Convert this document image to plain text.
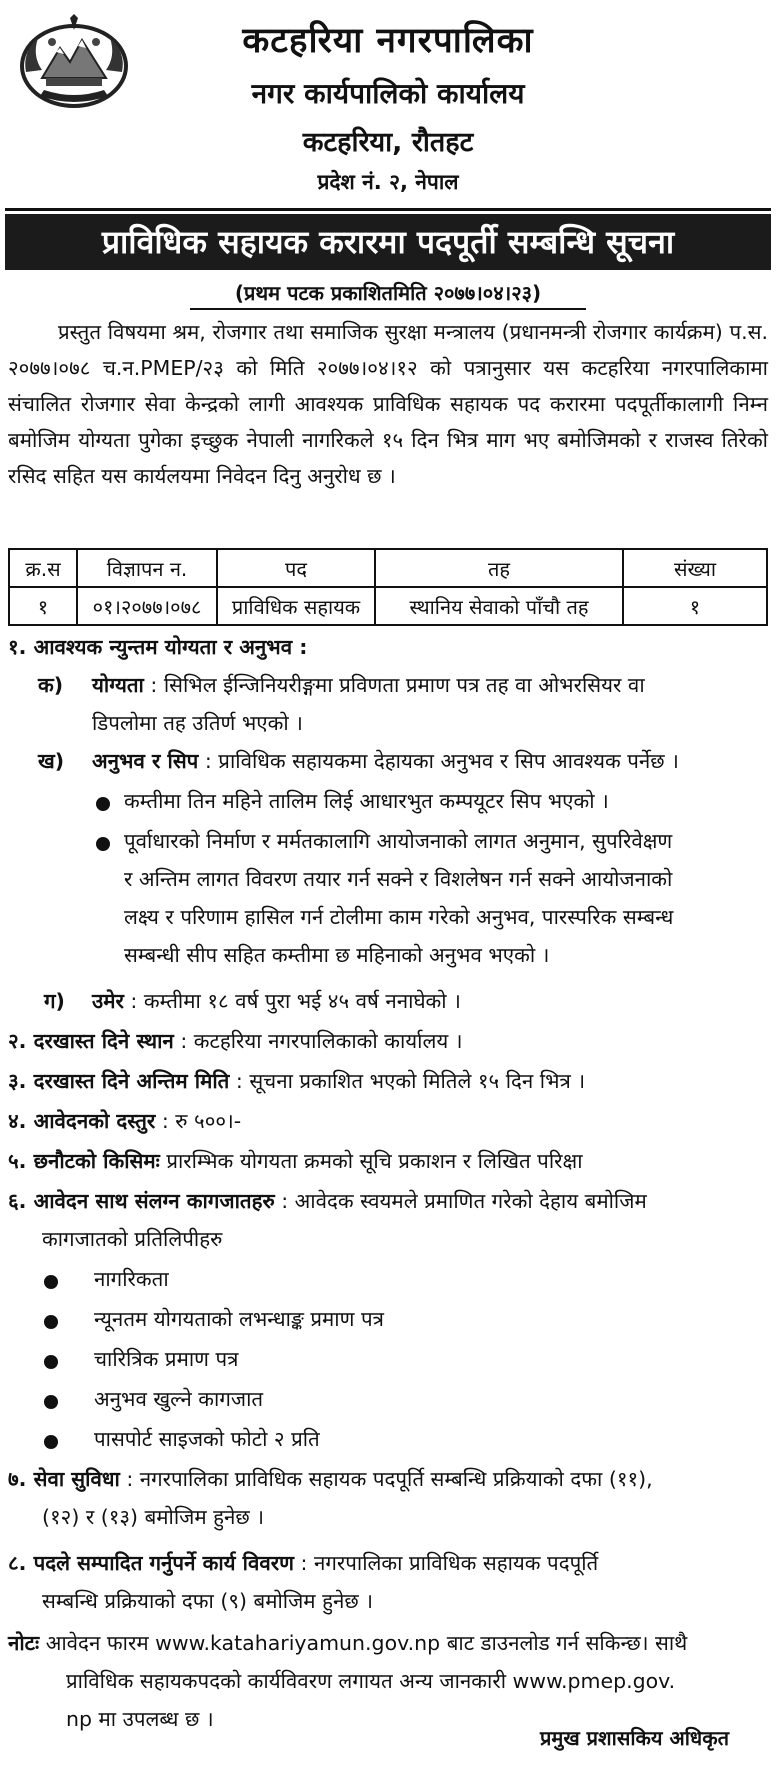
कटहरिया नगरपालिका
नगर कार्यपालिको कार्यालय
कटहरिया, रौतहट
प्रदेश नं. २, नेपाल
प्राविधिक सहायक करारमा पदपूर्ती सम्बन्धि सूचना
(प्रथम पटक प्रकाशितमिति २०७७।०४।२३)
प्रस्तुत विषयमा श्रम, रोजगार तथा समाजिक सुरक्षा मन्त्रालय (प्रधानमन्त्री रोजगार कार्यक्रम) प.स. २०७७।०७८ च.न.PMEP/२३ को मिति २०७७।०४।१२ को पत्रानुसार यस कटहरिया नगरपालिकामा संचालित रोजगार सेवा केन्द्रको लागी आवश्यक प्राविधिक सहायक पद करारमा पदपूर्तीकालागी निम्न बमोजिम योग्यता पुगेका इच्छुक नेपाली नागरिकले १५ दिन भित्र माग भए बमोजिमको र राजस्व तिरेको रसिद सहित यस कार्यलयमा निवेदन दिनु अनुरोध छ ।
क्र.स	विज्ञापन न.	पद	तह	संख्या
१	०१।२०७७।०७८	प्राविधिक सहायक	स्थानिय सेवाको पाँचौ तह	१
१. आवश्यक न्युन्तम योग्यता र अनुभव :
क) योग्यता : सिभिल ईन्जिनियरीङ्गमा प्रविणता प्रमाण पत्र तह वा ओभरसियर वा
डिपलोमा तह उतिर्ण भएको ।
ख) अनुभव र सिप : प्राविधिक सहायकमा देहायका अनुभव र सिप आवश्यक पर्नेछ ।
कम्तीमा तिन महिने तालिम लिई आधारभुत कम्पयूटर सिप भएको ।
पूर्वाधारको निर्माण र मर्मतकालागि आयोजनाको लागत अनुमान, सुपरिवेक्षण
र अन्तिम लागत विवरण तयार गर्न सक्ने र विशलेषन गर्न सक्ने आयोजनाको
लक्ष्य र परिणाम हासिल गर्न टोलीमा काम गरेको अनुभव, पारस्परिक सम्बन्ध
सम्बन्धी सीप सहित कम्तीमा छ महिनाको अनुभव भएको ।
ग) उमेर : कम्तीमा १८ वर्ष पुरा भई ४५ वर्ष ननाघेको ।
२. दरखास्त दिने स्थान : कटहरिया नगरपालिकाको कार्यालय ।
३. दरखास्त दिने अन्तिम मिति : सूचना प्रकाशित भएको मितिले १५ दिन भित्र ।
४. आवेदनको दस्तुर : रु ५००।-
५. छनौटको किसिमः प्रारम्भिक योगयता क्रमको सूचि प्रकाशन र लिखित परिक्षा
६. आवेदन साथ संलग्न कागजातहरु : आवेदक स्वयमले प्रमाणित गरेको देहाय बमोजिम
कागजातको प्रतिलिपीहरु
नागरिकता
न्यूनतम योगयताको लभन्धाङ्क प्रमाण पत्र
चारित्रिक प्रमाण पत्र
अनुभव खुल्ने कागजात
पासपोर्ट साइजको फोटो २ प्रति
७. सेवा सुविधा : नगरपालिका प्राविधिक सहायक पदपूर्ति सम्बन्धि प्रक्रियाको दफा (११),
(१२) र (१३) बमोजिम हुनेछ ।
८. पदले सम्पादित गर्नुपर्ने कार्य विवरण : नगरपालिका प्राविधिक सहायक पदपूर्ति
सम्बन्धि प्रक्रियाको दफा (९) बमोजिम हुनेछ ।
नोटः आवेदन फारम www.katahariyamun.gov.np बाट डाउनलोड गर्न सकिन्छ। साथै
प्राविधिक सहायकपदको कार्यविवरण लगायत अन्य जानकारी www.pmep.gov.
np मा उपलब्ध छ ।
प्रमुख प्रशासकिय अधिकृत
